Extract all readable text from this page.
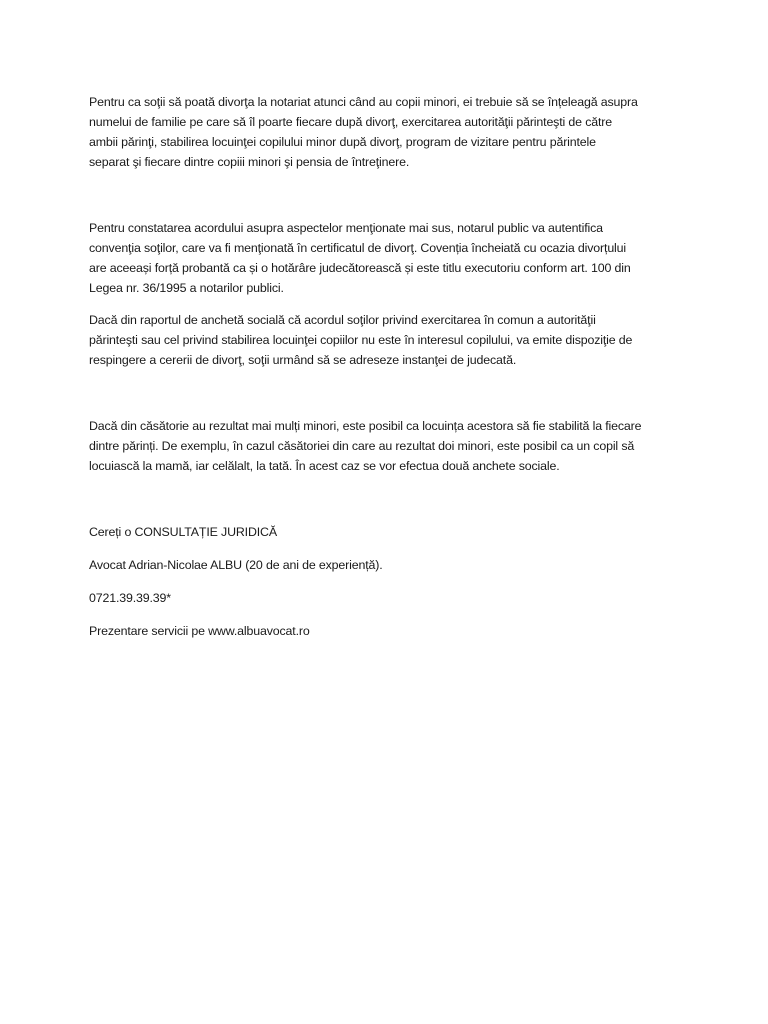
Pentru ca soţii să poată divorţa la notariat atunci când au copii minori, ei trebuie să se înțeleagă asupra
numelui de familie pe care să îl poarte fiecare după divorţ, exercitarea autorităţii părinteşti de către
ambii părinţi, stabilirea locuinţei copilului minor după divorţ, program de vizitare pentru părintele
separat şi fiecare dintre copiii minori şi pensia de întreţinere.

Pentru constatarea acordului asupra aspectelor menţionate mai sus, notarul public va autentifica
convenţia soţilor, care va fi menţionată în certificatul de divorţ. Covenția încheiată cu ocazia divorțului
are aceeași forță probantă ca și o hotărâre judecătorească și este titlu executoriu conform art. 100 din
Legea nr. 36/1995 a notarilor publici.

Dacă din raportul de anchetă socială că acordul soţilor privind exercitarea în comun a autorităţii
părinteşti sau cel privind stabilirea locuinţei copiilor nu este în interesul copilului, va emite dispoziţie de
respingere a cererii de divorţ, soţii urmând să se adreseze instanţei de judecată.

Dacă din căsătorie au rezultat mai mulți minori, este posibil ca locuința acestora să fie stabilită la fiecare
dintre părinți. De exemplu, în cazul căsătoriei din care au rezultat doi minori, este posibil ca un copil să
locuiască la mamă, iar celălalt, la tată. În acest caz se vor efectua două anchete sociale.

Cereți o CONSULTAȚIE JURIDICĂ

Avocat Adrian-Nicolae ALBU (20 de ani de experiență).

0721.39.39.39*

Prezentare servicii pe www.albuavocat.ro
